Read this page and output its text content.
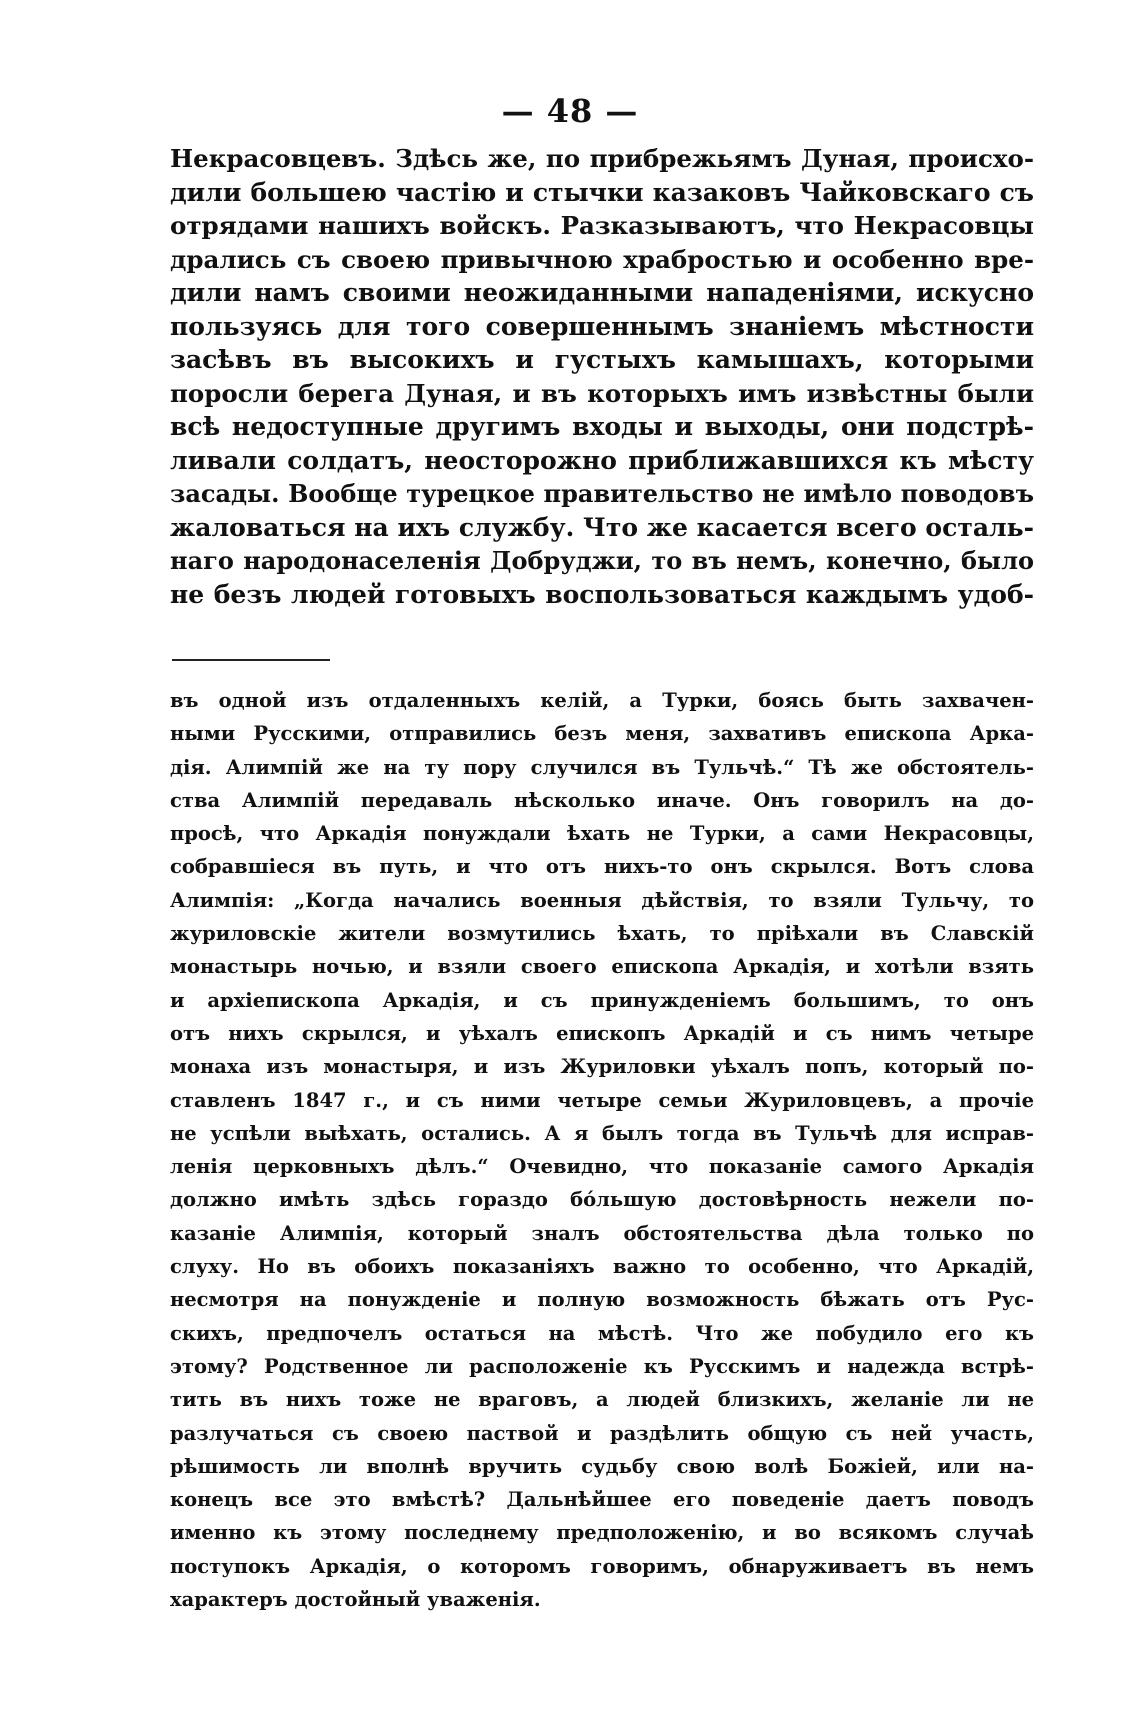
— 48 —
Некрасовцевъ. Здѣсь же, по прибрежьямъ Дуная, происхо-
дили большею частію и стычки казаковъ Чайковскаго съ
отрядами нашихъ войскъ. Разказываютъ, что Некрасовцы
дрались съ своею привычною храбростью и особенно вре-
дили намъ своими неожиданными нападеніями, искусно
пользуясь для того совершеннымъ знаніемъ мѣстности
засѣвъ въ высокихъ и густыхъ камышахъ, которыми
поросли берега Дуная, и въ которыхъ имъ извѣстны были
всѣ недоступные другимъ входы и выходы, они подстрѣ-
ливали солдатъ, неосторожно приближавшихся къ мѣсту
засады. Вообще турецкое правительство не имѣло поводовъ
жаловаться на ихъ службу. Что же касается всего осталь-
наго народонаселенія Добруджи, то въ немъ, конечно, было
не безъ людей готовыхъ воспользоваться каждымъ удоб-
въ одной изъ отдаленныхъ келій, а Турки, боясь быть захвачен-
ными Русскими, отправились безъ меня, захвативъ епископа Арка-
дія. Алимпій же на ту пору случился въ Тульчѣ.“ Тѣ же обстоятель-
ства Алимпій передаваль нѣсколько иначе. Онъ говорилъ на до-
просѣ, что Аркадія понуждали ѣхать не Турки, а сами Некрасовцы,
собравшіеся въ путь, и что отъ нихъ-то онъ скрылся. Вотъ слова
Алимпія: „Когда начались военныя дѣйствія, то взяли Тульчу, то
журиловскіе жители возмутились ѣхать, то пріѣхали въ Славскій
монастырь ночью, и взяли своего епископа Аркадія, и хотѣли взять
и архіепископа Аркадія, и съ принужденіемъ большимъ, то онъ
отъ нихъ скрылся, и уѣхалъ епископъ Аркадій и съ нимъ четыре
монаха изъ монастыря, и изъ Журиловки уѣхалъ попъ, который по-
ставленъ 1847 г., и съ ними четыре семьи Журиловцевъ, а прочіе
не успѣли выѣхать, остались. А я былъ тогда въ Тульчѣ для исправ-
ленія церковныхъ дѣлъ.“ Очевидно, что показаніе самого Аркадія
должно имѣть здѣсь гораздо бо́льшую достовѣрность нежели по-
казаніе Алимпія, который зналъ обстоятельства дѣла только по
слуху. Но въ обоихъ показаніяхъ важно то особенно, что Аркадій,
несмотря на понужденіе и полную возможность бѣжать отъ Рус-
скихъ, предпочелъ остаться на мѣстѣ. Что же побудило его къ
этому? Родственное ли расположеніе къ Русскимъ и надежда встрѣ-
тить въ нихъ тоже не враговъ, а людей близкихъ, желаніе ли не
разлучаться съ своею паствой и раздѣлить общую съ ней участь,
рѣшимость ли вполнѣ вручить судьбу свою волѣ Божіей, или на-
конецъ все это вмѣстѣ? Дальнѣйшее его поведеніе даетъ поводъ
именно къ этому последнему предположенію, и во всякомъ случаѣ
поступокъ Аркадія, о которомъ говоримъ, обнаруживаетъ въ немъ
характеръ достойный уваженія.
